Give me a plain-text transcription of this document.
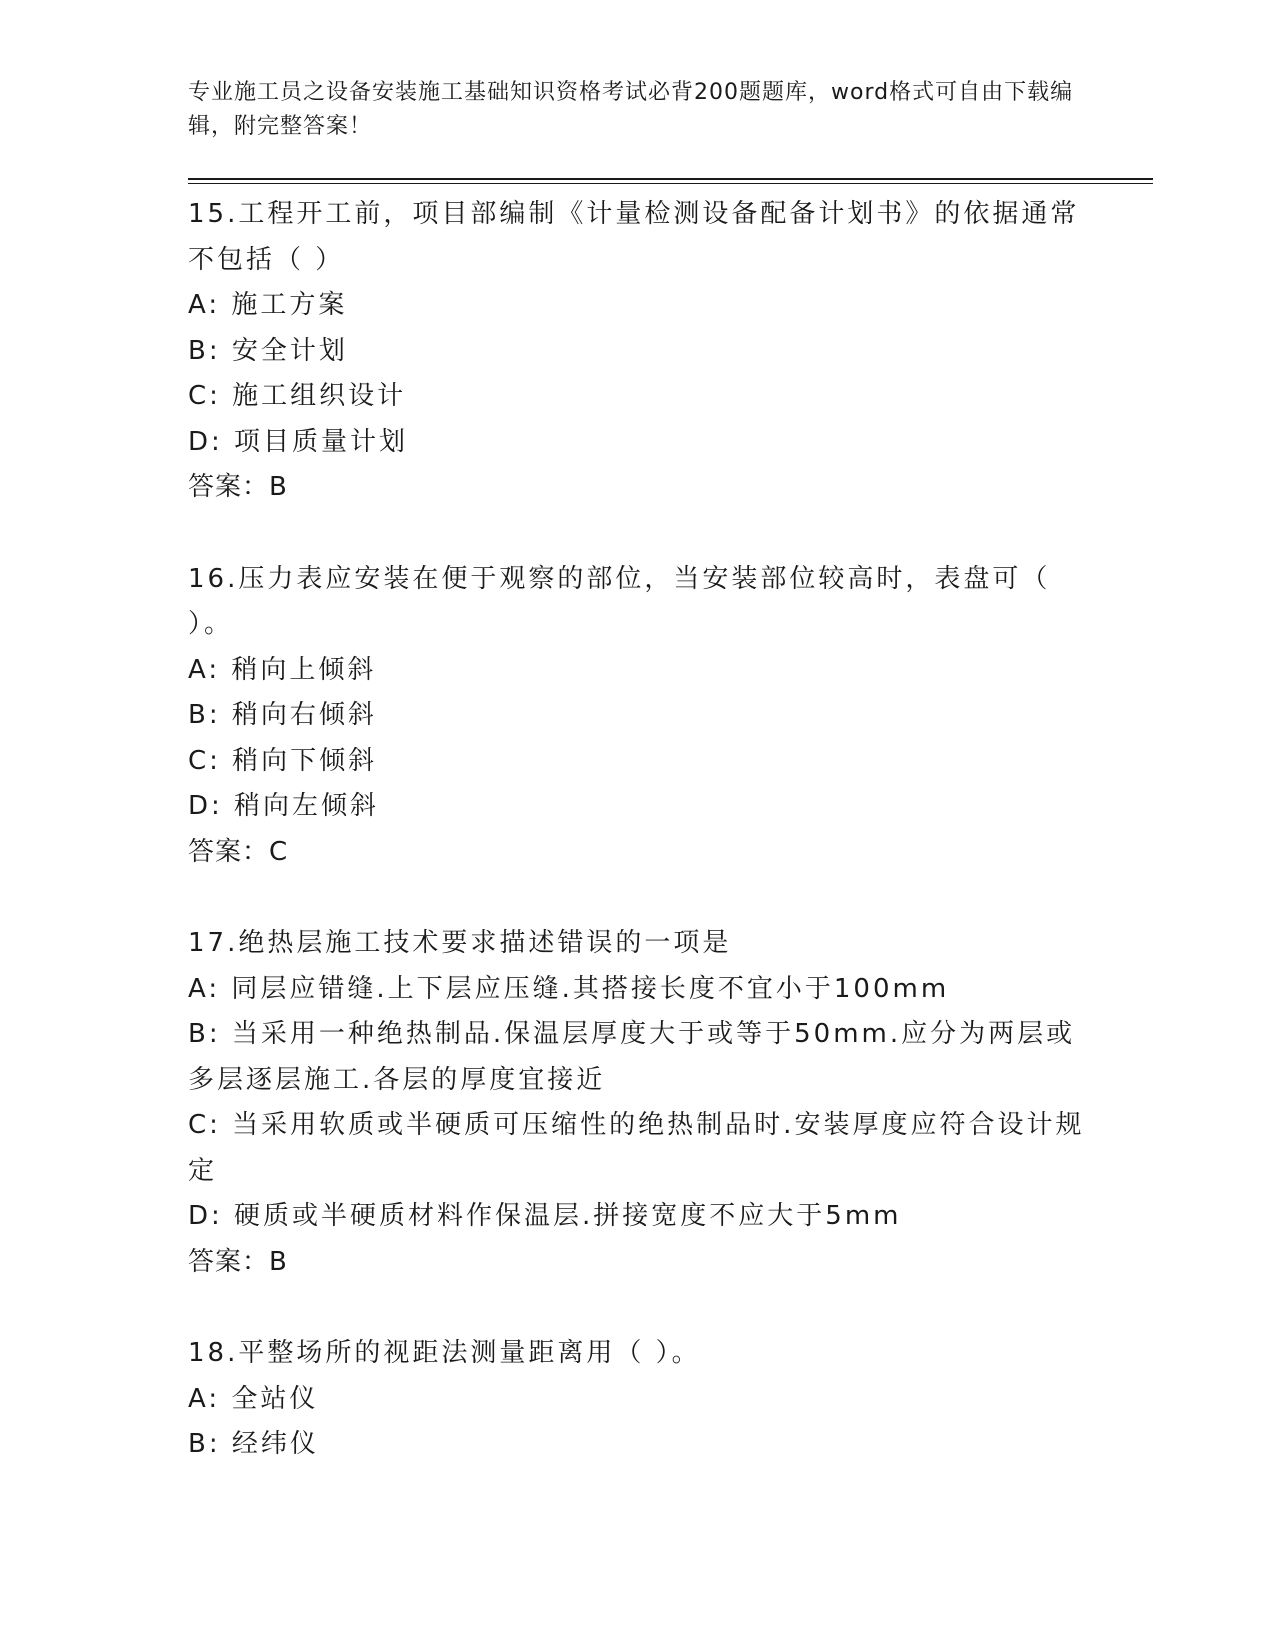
专业施工员之设备安装施工基础知识资格考试必背200题题库，word格式可自由下载编辑，附完整答案！
15.工程开工前，项目部编制《计量检测设备配备计划书》的依据通常不包括（ ）
A: 施工方案
B: 安全计划
C: 施工组织设计
D: 项目质量计划
答案：B
16.压力表应安装在便于观察的部位，当安装部位较高时，表盘可（ ）。
A: 稍向上倾斜
B: 稍向右倾斜
C: 稍向下倾斜
D: 稍向左倾斜
答案：C
17.绝热层施工技术要求描述错误的一项是
A: 同层应错缝.上下层应压缝.其搭接长度不宜小于100mm
B: 当采用一种绝热制品.保温层厚度大于或等于50mm.应分为两层或多层逐层施工.各层的厚度宜接近
C: 当采用软质或半硬质可压缩性的绝热制品时.安装厚度应符合设计规定
D: 硬质或半硬质材料作保温层.拼接宽度不应大于5mm
答案：B
18.平整场所的视距法测量距离用（ ）。
A: 全站仪
B: 经纬仪
